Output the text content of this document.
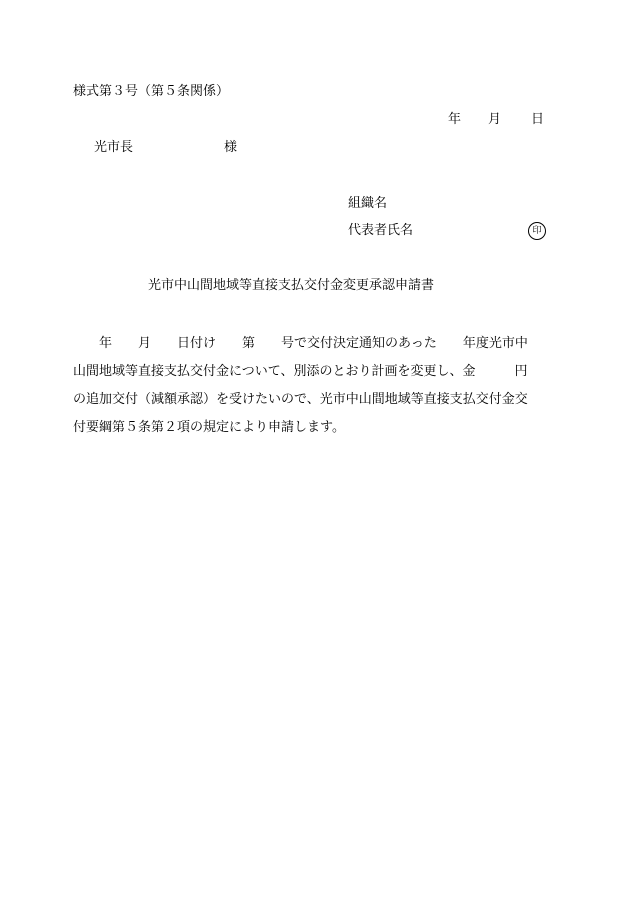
様式第３号（第５条関係）
年 月 日
光市長	様
組織名
代表者氏名	印
光市中山間地域等直接支払交付金変更承認申請書
　　年　　月　　日付け　　第　　号で交付決定通知のあった　　年度光市中
山間地域等直接支払交付金について、別添のとおり計画を変更し、金　　　円
の追加交付（減額承認）を受けたいので、光市中山間地域等直接支払交付金交
付要綱第５条第２項の規定により申請します。
